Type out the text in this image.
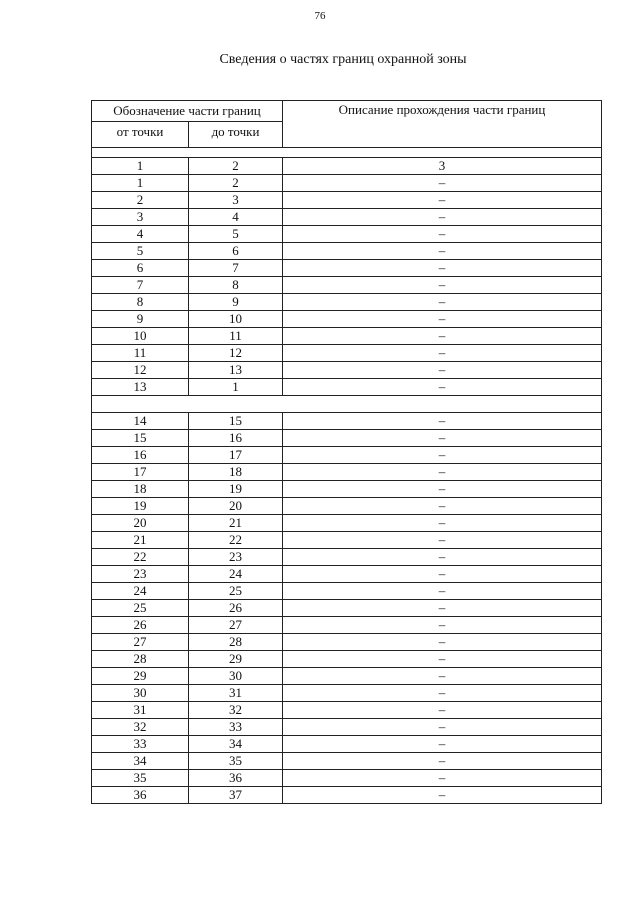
76
Сведения о частях границ охранной зоны
Обозначение части границ		Описание прохождения части границ
от точки	до точки	

1	2	3
1	2	–
2	3	–
3	4	–
4	5	–
5	6	–
6	7	–
7	8	–
8	9	–
9	10	–
10	11	–
11	12	–
12	13	–
13	1	–

14	15	–
15	16	–
16	17	–
17	18	–
18	19	–
19	20	–
20	21	–
21	22	–
22	23	–
23	24	–
24	25	–
25	26	–
26	27	–
27	28	–
28	29	–
29	30	–
30	31	–
31	32	–
32	33	–
33	34	–
34	35	–
35	36	–
36	37	–
